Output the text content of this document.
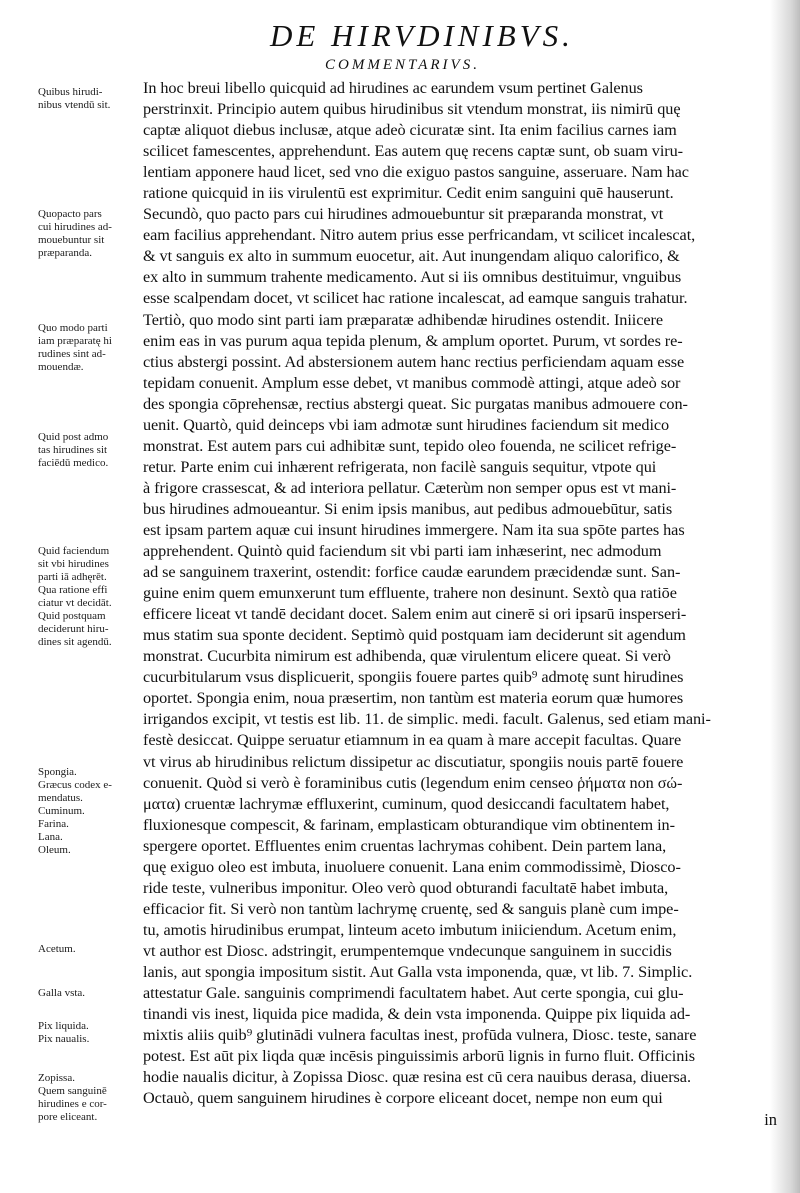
DE HIRVDINIBVS.
COMMENTARIVS.
Quibus hirudi-
nibus vtendū sit.
Quopacto pars
cui hirudines ad-
mouebuntur sit
præparanda.
Quo modo parti
iam præparatę hi
rudines sint ad-
mouendæ.
Quid post admo
tas hirudines sit
faciēdū medico.
Quid faciendum
sit vbi hirudines
parti iā adhęrēt.
Qua ratione effi
ciatur vt decidāt.
Quid postquam
deciderunt hiru-
dines sit agendū.
Spongia.
Græcus codex e-
mendatus.
Cuminum.
Farina.
Lana.
Oleum.
Acetum.
Galla vsta.
Pix liquida.
Pix naualis.
Zopissa.
Quem sanguinē
hirudines e cor-
pore eliceant.
In hoc breui libello quicquid ad hirudines ac earundem vsum pertinet Galenus
perstrinxit. Principio autem quibus hirudinibus sit vtendum monstrat, iis nimirū quę
captæ aliquot diebus inclusæ, atque adeò cicuratæ sint. Ita enim facilius carnes iam
scilicet famescentes, apprehendunt. Eas autem quę recens captæ sunt, ob suam viru-
lentiam apponere haud licet, sed vno die exiguo pastos sanguine, asseruare. Nam hac
ratione quicquid in iis virulentū est exprimitur. Cedit enim sanguini quē hauserunt.
Secundò, quo pacto pars cui hirudines admouebuntur sit præparanda monstrat, vt
eam facilius apprehendant. Nitro autem prius esse perfricandam, vt scilicet incalescat,
& vt sanguis ex alto in summum euocetur, ait. Aut inungendam aliquo calorifico, &
ex alto in summum trahente medicamento. Aut si iis omnibus destituimur, vnguibus
esse scalpendam docet, vt scilicet hac ratione incalescat, ad eamque sanguis trahatur.
Tertiò, quo modo sint parti iam præparatæ adhibendæ hirudines ostendit. Iniicere
enim eas in vas purum aqua tepida plenum, & amplum oportet. Purum, vt sordes re-
ctius abstergi possint. Ad abstersionem autem hanc rectius perficiendam aquam esse
tepidam conuenit. Amplum esse debet, vt manibus commodè attingi, atque adeò sor
des spongia cōprehensæ, rectius abstergi queat. Sic purgatas manibus admouere con-
uenit. Quartò, quid deinceps vbi iam admotæ sunt hirudines faciendum sit medico
monstrat. Est autem pars cui adhibitæ sunt, tepido oleo fouenda, ne scilicet refrige-
retur. Parte enim cui inhærent refrigerata, non facilè sanguis sequitur, vtpote qui
à frigore crassescat, & ad interiora pellatur. Cæterùm non semper opus est vt mani-
bus hirudines admoueantur. Si enim ipsis manibus, aut pedibus admouebūtur, satis
est ipsam partem aquæ cui insunt hirudines immergere. Nam ita sua spōte partes has
apprehendent. Quintò quid faciendum sit vbi parti iam inhæserint, nec admodum
ad se sanguinem traxerint, ostendit: forfice caudæ earundem præcidendæ sunt. San-
guine enim quem emunxerunt tum effluente, trahere non desinunt. Sextò qua ratiōe
efficere liceat vt tandē decidant docet. Salem enim aut cinerē si ori ipsarū insperseri-
mus statim sua sponte decident. Septimò quid postquam iam deciderunt sit agendum
monstrat. Cucurbita nimirum est adhibenda, quæ virulentum elicere queat. Si verò
cucurbitularum vsus displicuerit, spongiis fouere partes quib⁹ admotę sunt hirudines
oportet. Spongia enim, noua præsertim, non tantùm est materia eorum quæ humores
irrigandos excipit, vt testis est lib. 11. de simplic. medi. facult. Galenus, sed etiam mani-
festè desiccat. Quippe seruatur etiamnum in ea quam à mare accepit facultas. Quare
vt virus ab hirudinibus relictum dissipetur ac discutiatur, spongiis nouis partē fouere
conuenit. Quòd si verò è foraminibus cutis (legendum enim censeo ῥήματα non σώ-
ματα) cruentæ lachrymæ effluxerint, cuminum, quod desiccandi facultatem habet,
fluxionesque compescit, & farinam, emplasticam obturandique vim obtinentem in-
spergere oportet. Effluentes enim cruentas lachrymas cohibent. Dein partem lana,
quę exiguo oleo est imbuta, inuoluere conuenit. Lana enim commodissimè, Diosco-
ride teste, vulneribus imponitur. Oleo verò quod obturandi facultatē habet imbuta,
efficacior fit. Si verò non tantùm lachrymę cruentę, sed & sanguis planè cum impe-
tu, amotis hirudinibus erumpat, linteum aceto imbutum iniiciendum. Acetum enim,
vt author est Diosc. adstringit, erumpentemque vndecunque sanguinem in succidis
lanis, aut spongia impositum sistit. Aut Galla vsta imponenda, quæ, vt lib. 7. Simplic.
attestatur Gale. sanguinis comprimendi facultatem habet. Aut certe spongia, cui glu-
tinandi vis inest, liquida pice madida, & dein vsta imponenda. Quippe pix liquida ad-
mixtis aliis quib⁹ glutinādi vulnera facultas inest, profūda vulnera, Diosc. teste, sanare
potest. Est aūt pix liqda quæ incēsis pinguissimis arborū lignis in furno fluit. Officinis
hodie naualis dicitur, à Zopissa Diosc. quæ resina est cū cera nauibus derasa, diuersa.
Octauò, quem sanguinem hirudines è corpore eliceant docet, nempe non eum qui
in
